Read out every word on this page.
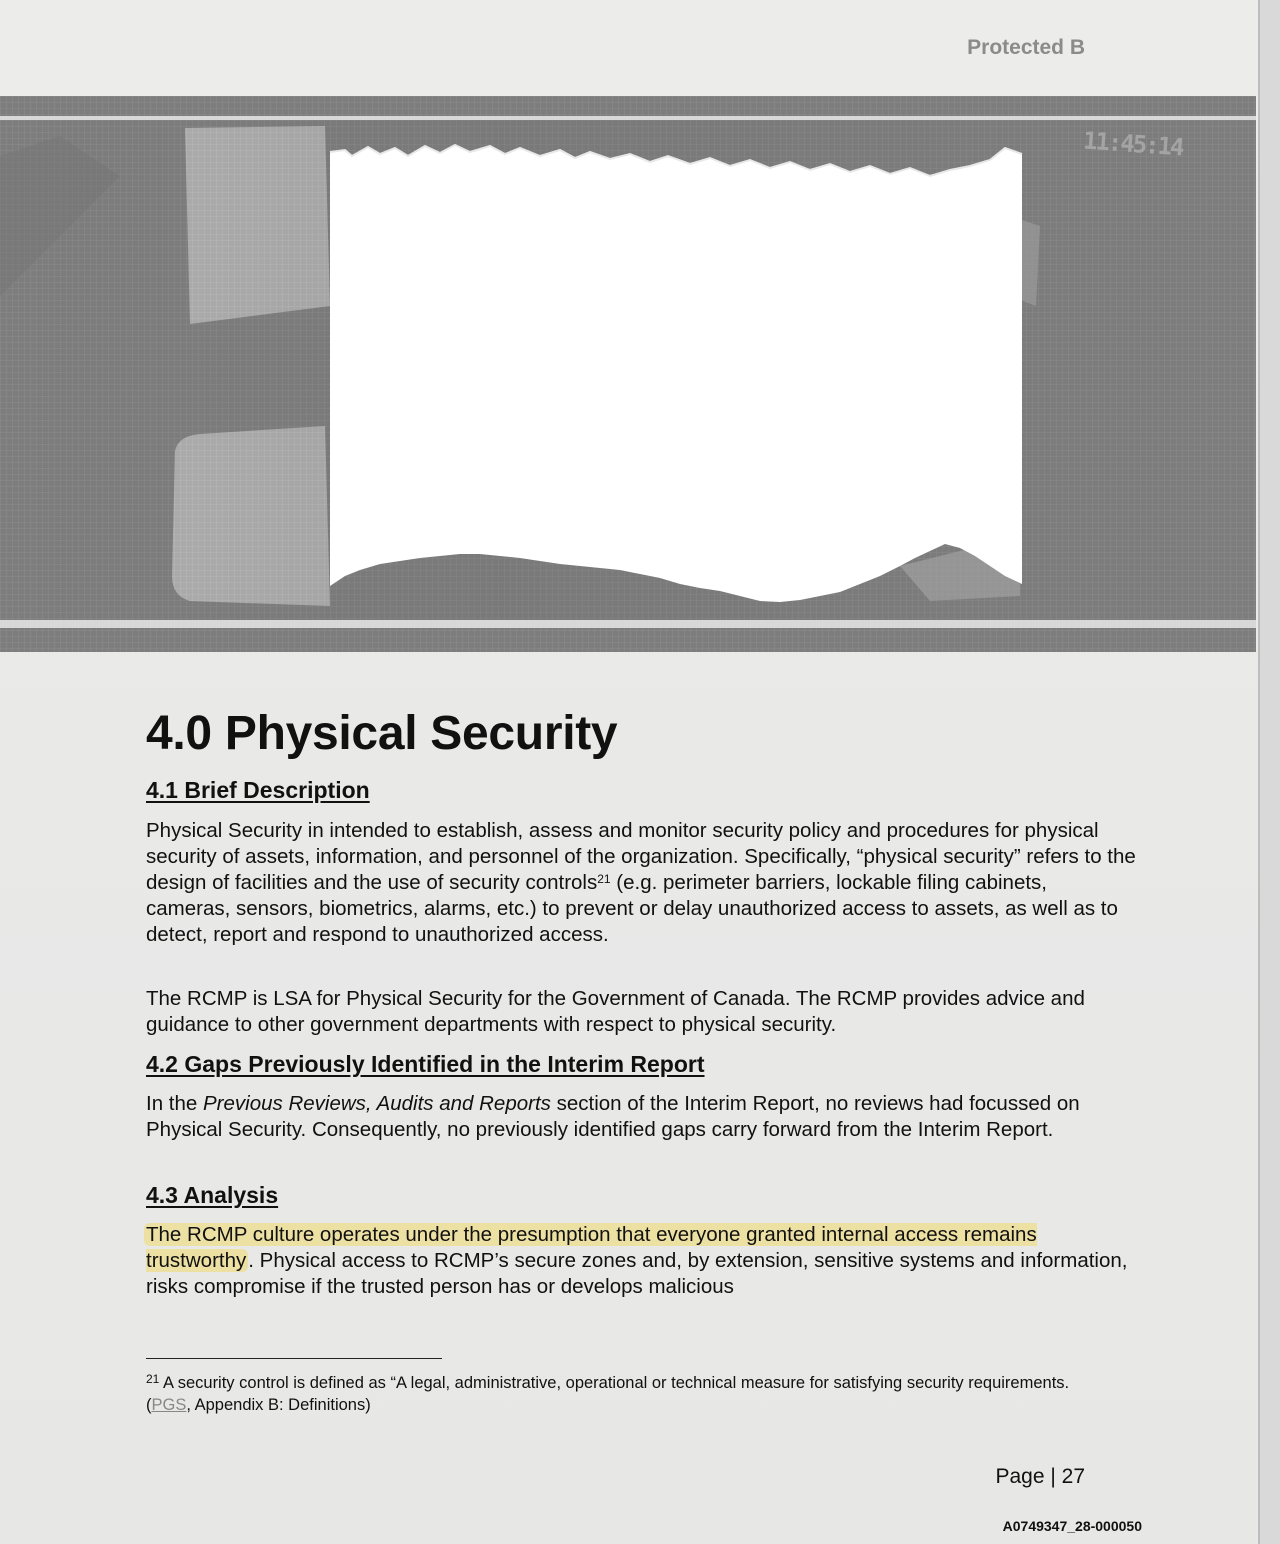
Protected B
11:45:14
4.0 Physical Security
4.1 Brief Description

Physical Security in intended to establish, assess and monitor security policy and procedures for physical security of assets, information, and personnel of the organization. Specifically, “physical security” refers to the design of facilities and the use of security controls$^{21}$ (e.g. perimeter barriers, lockable filing cabinets, cameras, sensors, biometrics, alarms, etc.) to prevent or delay unauthorized access to assets, as well as to detect, report and respond to unauthorized access.

The RCMP is LSA for Physical Security for the Government of Canada. The RCMP provides advice and guidance to other government departments with respect to physical security.

4.2 Gaps Previously Identified in the Interim Report

In the Previous Reviews, Audits and Reports section of the Interim Report, no reviews had focussed on Physical Security. Consequently, no previously identified gaps carry forward from the Interim Report.

4.3 Analysis

The RCMP culture operates under the presumption that everyone granted internal access remains trustworthy. Physical access to RCMP’s secure zones and, by extension, sensitive systems and information, risks compromise if the trusted person has or develops malicious

$^{21}$ A security control is defined as “A legal, administrative, operational or technical measure for satisfying security requirements. (PGS, Appendix B: Definitions)

Page | 27
A0749347_28-000050
